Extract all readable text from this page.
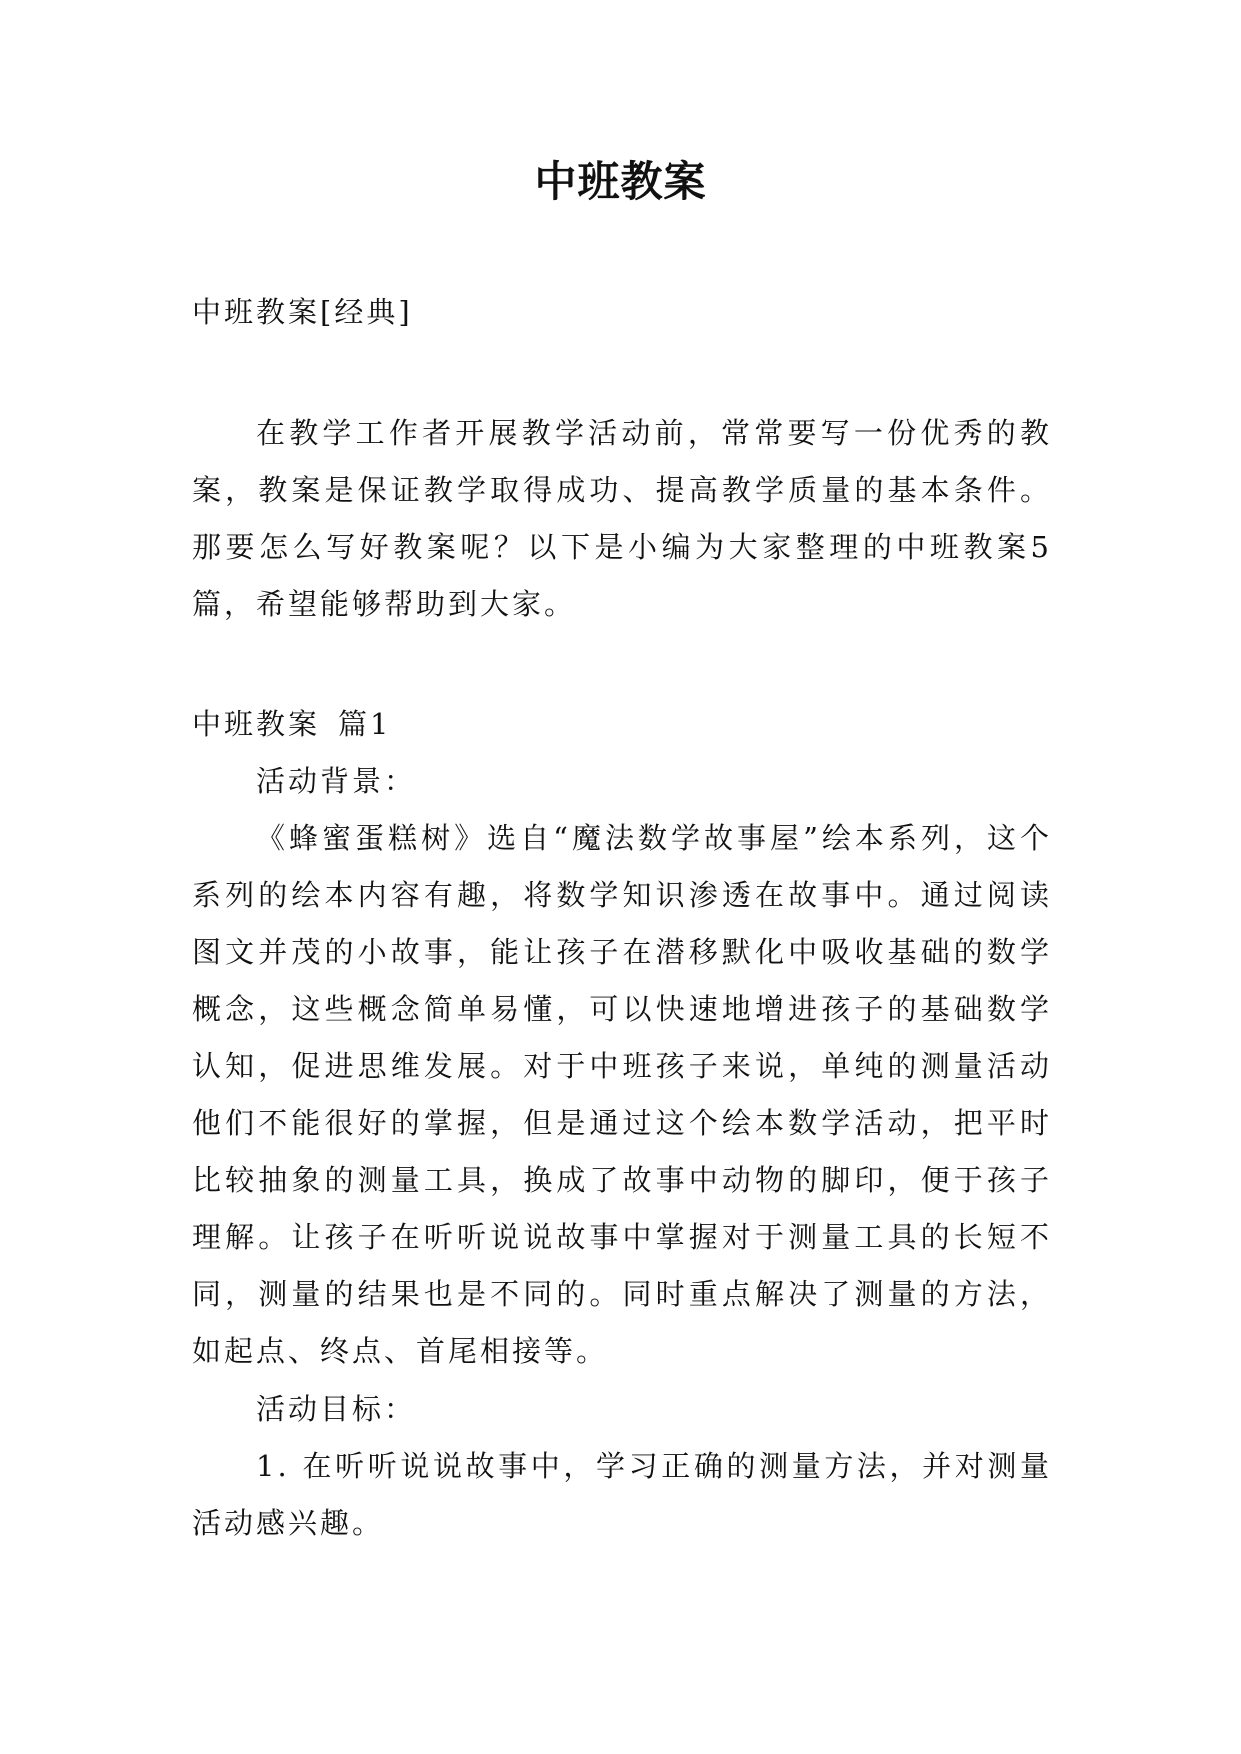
中班教案
中班教案[经典]

在教学工作者开展教学活动前，常常要写一份优秀的教案，教案是保证教学取得成功、提高教学质量的基本条件。那要怎么写好教案呢？以下是小编为大家整理的中班教案5篇，希望能够帮助到大家。

中班教案 篇1

活动背景：

《蜂蜜蛋糕树》选自“魔法数学故事屋”绘本系列，这个系列的绘本内容有趣，将数学知识渗透在故事中。通过阅读图文并茂的小故事，能让孩子在潜移默化中吸收基础的数学概念，这些概念简单易懂，可以快速地增进孩子的基础数学认知，促进思维发展。对于中班孩子来说，单纯的测量活动他们不能很好的掌握，但是通过这个绘本数学活动，把平时比较抽象的测量工具，换成了故事中动物的脚印，便于孩子理解。让孩子在听听说说故事中掌握对于测量工具的长短不同，测量的结果也是不同的。同时重点解决了测量的方法，如起点、终点、首尾相接等。

活动目标：

1. 在听听说说故事中，学习正确的测量方法，并对测量活动感兴趣。
